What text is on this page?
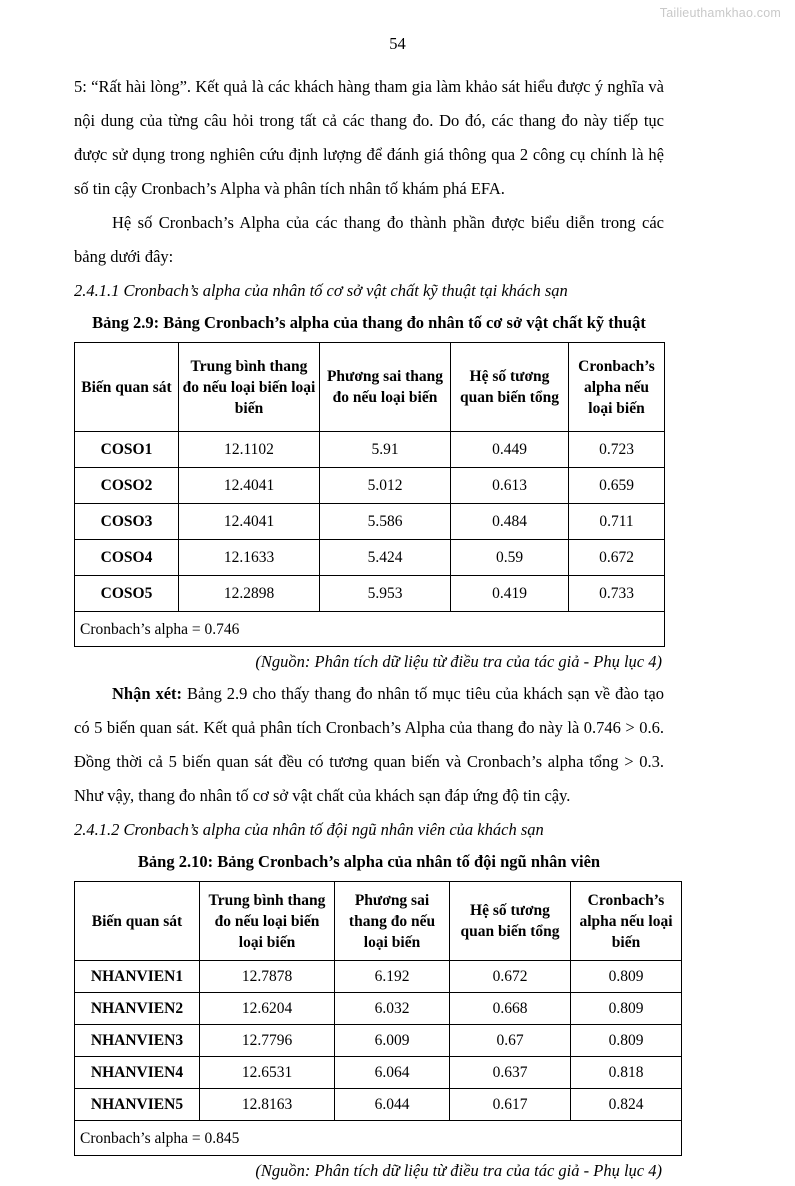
Tailieuthamkhao.com
54

5: “Rất hài lòng”. Kết quả là các khách hàng tham gia làm khảo sát hiểu được ý nghĩa và nội dung của từng câu hỏi trong tất cả các thang đo. Do đó, các thang đo này tiếp tục được sử dụng trong nghiên cứu định lượng để đánh giá thông qua 2 công cụ chính là hệ số tin cậy Cronbach’s Alpha và phân tích nhân tố khám phá EFA.

Hệ số Cronbach’s Alpha của các thang đo thành phần được biểu diễn trong các bảng dưới đây:

2.4.1.1 Cronbach’s alpha của nhân tố cơ sở vật chất kỹ thuật tại khách sạn

Bảng 2.9: Bảng Cronbach’s alpha của thang đo nhân tố cơ sở vật chất kỹ thuật

Biến quan sát	Trung bình thang đo nếu loại biến loại biến	Phương sai thang đo nếu loại biến	Hệ số tương quan biến tổng	Cronbach’s alpha nếu loại biến
COSO1	12.1102	5.91	0.449	0.723
COSO2	12.4041	5.012	0.613	0.659
COSO3	12.4041	5.586	0.484	0.711
COSO4	12.1633	5.424	0.59	0.672
COSO5	12.2898	5.953	0.419	0.733
Cronbach’s alpha = 0.746				

(Nguồn: Phân tích dữ liệu từ điều tra của tác giả - Phụ lục 4)

Nhận xét: Bảng 2.9 cho thấy thang đo nhân tố mục tiêu của khách sạn về đào tạo có 5 biến quan sát. Kết quả phân tích Cronbach’s Alpha của thang đo này là 0.746 > 0.6. Đồng thời cả 5 biến quan sát đều có tương quan biến và Cronbach’s alpha tổng > 0.3. Như vậy, thang đo nhân tố cơ sở vật chất của khách sạn đáp ứng độ tin cậy.

2.4.1.2 Cronbach’s alpha của nhân tố đội ngũ nhân viên của khách sạn

Bảng 2.10: Bảng Cronbach’s alpha của nhân tố đội ngũ nhân viên

Biến quan sát	Trung bình thang đo nếu loại biến loại biến	Phương sai thang đo nếu loại biến	Hệ số tương quan biến tổng	Cronbach’s alpha nếu loại biến
NHANVIEN1	12.7878	6.192	0.672	0.809
NHANVIEN2	12.6204	6.032	0.668	0.809
NHANVIEN3	12.7796	6.009	0.67	0.809
NHANVIEN4	12.6531	6.064	0.637	0.818
NHANVIEN5	12.8163	6.044	0.617	0.824
Cronbach’s alpha = 0.845				

(Nguồn: Phân tích dữ liệu từ điều tra của tác giả - Phụ lục 4)
